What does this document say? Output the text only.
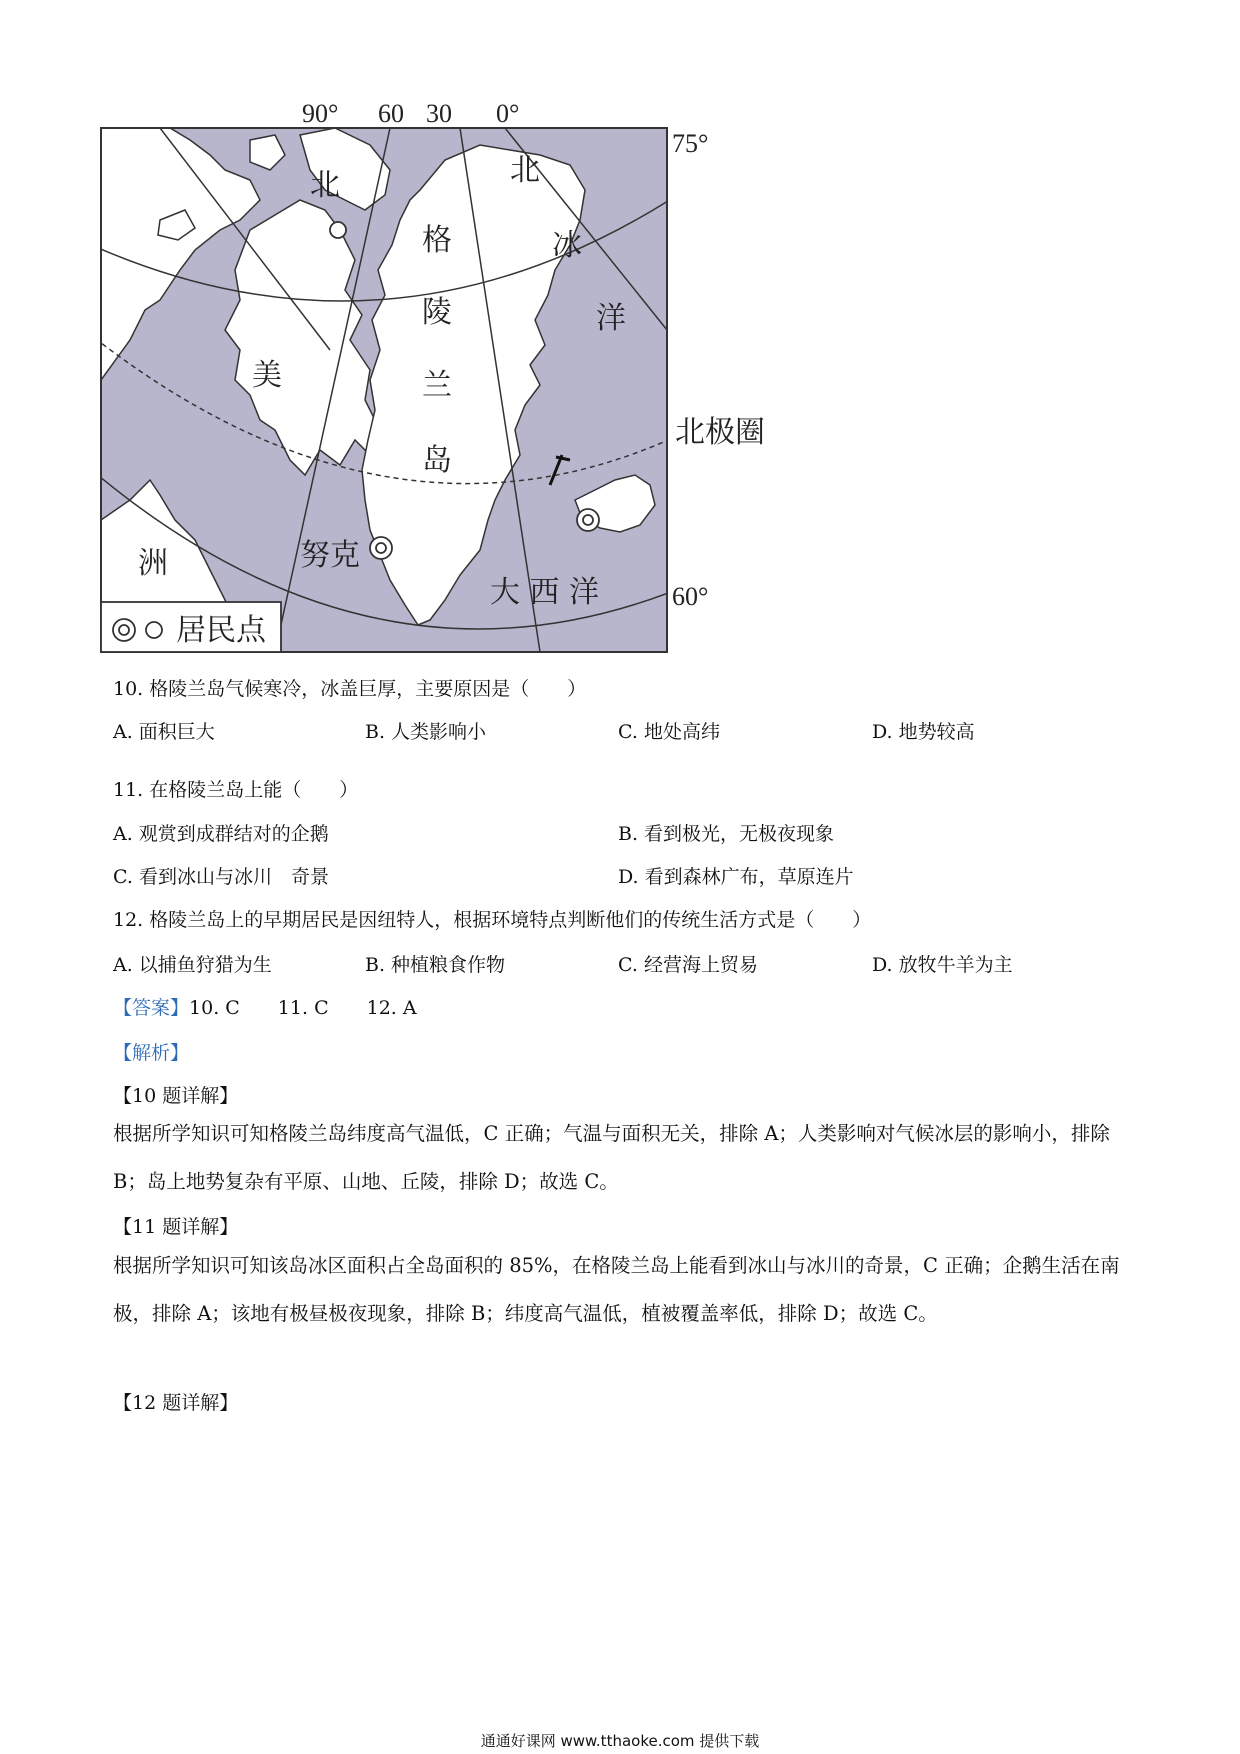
90° 60 30 0°
75°
60°
北极圈
北
格
陵
兰
岛
北
冰
洋
美
洲	努克
大 西 洋
居民点
10. 格陵兰岛气候寒冷，冰盖巨厚，主要原因是（　　）
A. 面积巨大	B. 人类影响小	C. 地处高纬	D. 地势较高
11. 在格陵兰岛上能（　　）
A. 观赏到成群结对的企鹅	B. 看到极光，无极夜现象
C. 看到冰山与冰川　奇景	D. 看到森林广布，草原连片
12. 格陵兰岛上的早期居民是因纽特人，根据环境特点判断他们的传统生活方式是（　　）
A. 以捕鱼狩猎为生	B. 种植粮食作物	C. 经营海上贸易	D. 放牧牛羊为主
【答案】10. C　　11. C　　12. A
【解析】
【10 题详解】
根据所学知识可知格陵兰岛纬度高气温低，C 正确；气温与面积无关，排除 A；人类影响对气候冰层的影响小，排除 B；岛上地势复杂有平原、山地、丘陵，排除 D；故选 C。
【11 题详解】
根据所学知识可知该岛冰区面积占全岛面积的 85%，在格陵兰岛上能看到冰山与冰川的奇景，C 正确；企鹅生活在南极，排除 A；该地有极昼极夜现象，排除 B；纬度高气温低，植被覆盖率低，排除 D；故选 C。
【12 题详解】
通通好课网 www.tthaoke.com 提供下载
